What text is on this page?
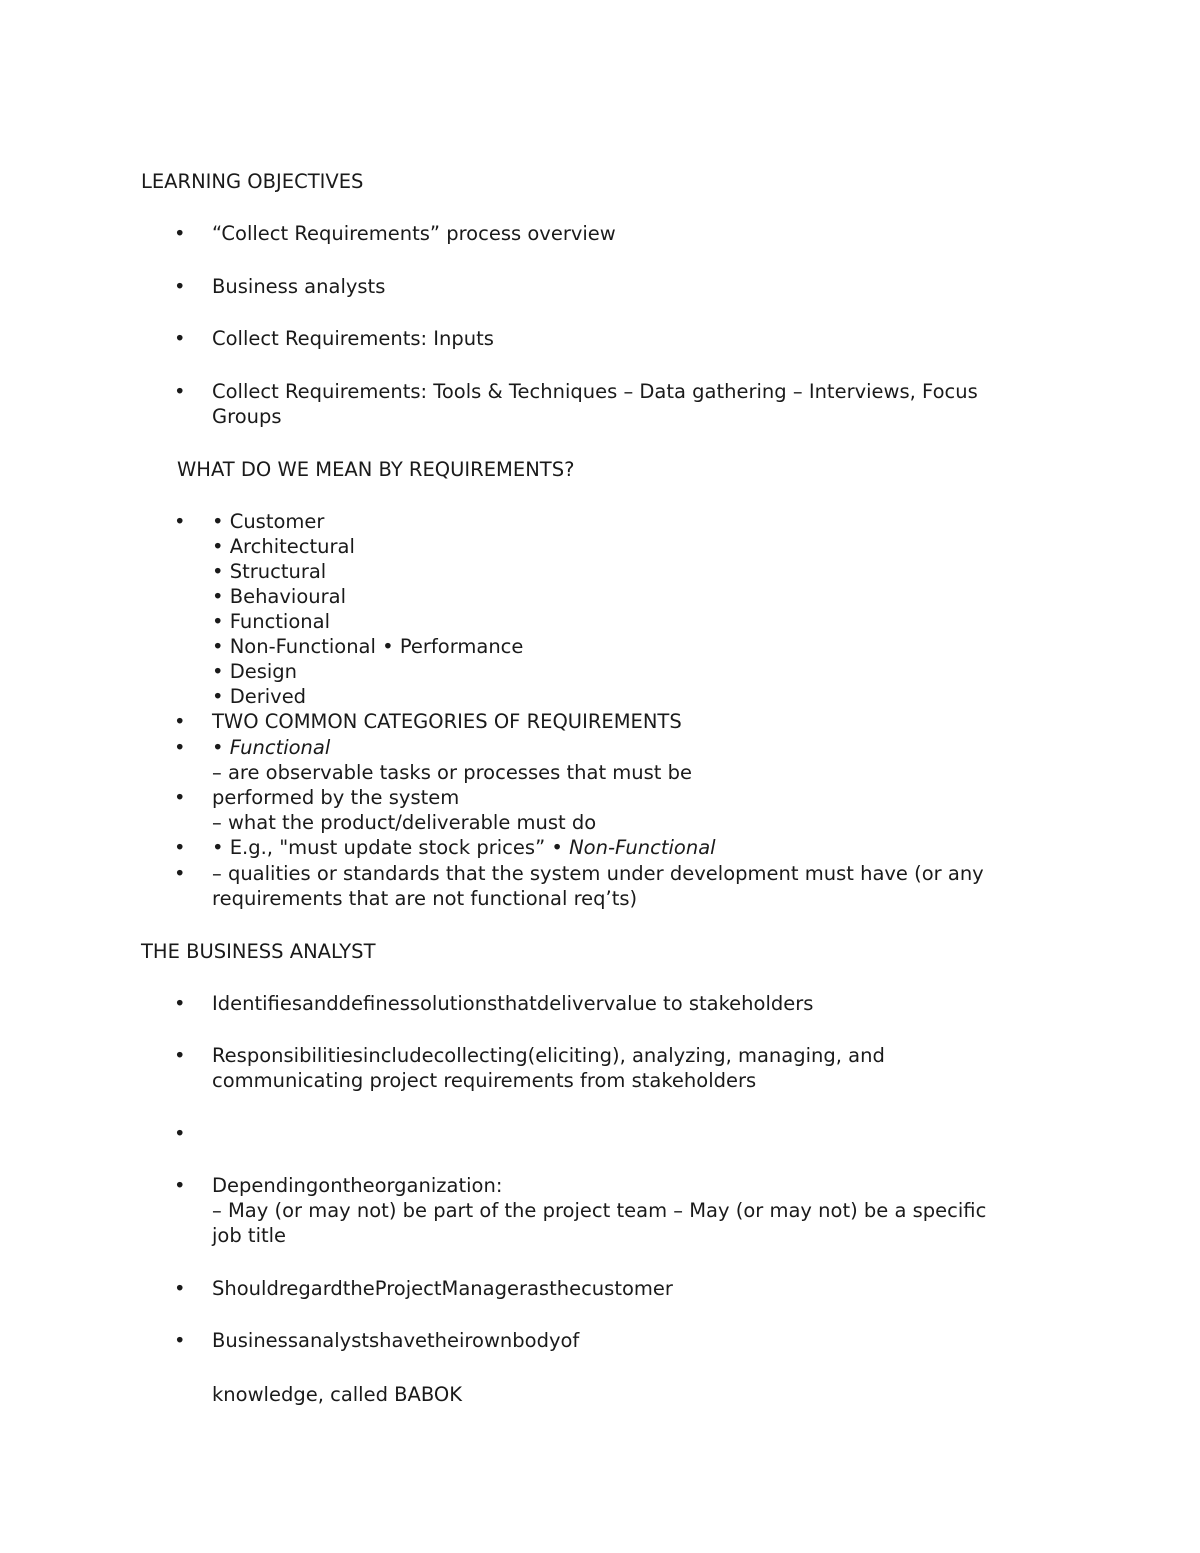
LEARNING OBJECTIVES
• “Collect Requirements” process overview
• Business analysts
• Collect Requirements: Inputs
• Collect Requirements: Tools & Techniques – Data gathering – Interviews, Focus Groups
WHAT DO WE MEAN BY REQUIREMENTS?
• • Customer
• Architectural
• Structural
• Behavioural
• Functional
• Non-Functional • Performance
• Design
• Derived
• TWO COMMON CATEGORIES OF REQUIREMENTS
• • Functional
– are observable tasks or processes that must be
• performed by the system
– what the product/deliverable must do
• • E.g., "must update stock prices” • Non-Functional
• – qualities or standards that the system under development must have (or any requirements that are not functional req’ts)
THE BUSINESS ANALYST
• Identifiesanddefinessolutionsthatdelivervalue to stakeholders
• Responsibilitiesincludecollecting(eliciting), analyzing, managing, and communicating project requirements from stakeholders
•
• Dependingontheorganization:
– May (or may not) be part of the project team – May (or may not) be a specific job title
• ShouldregardtheProjectManagerasthecustomer
• Businessanalystshavetheirownbodyof
knowledge, called BABOK
